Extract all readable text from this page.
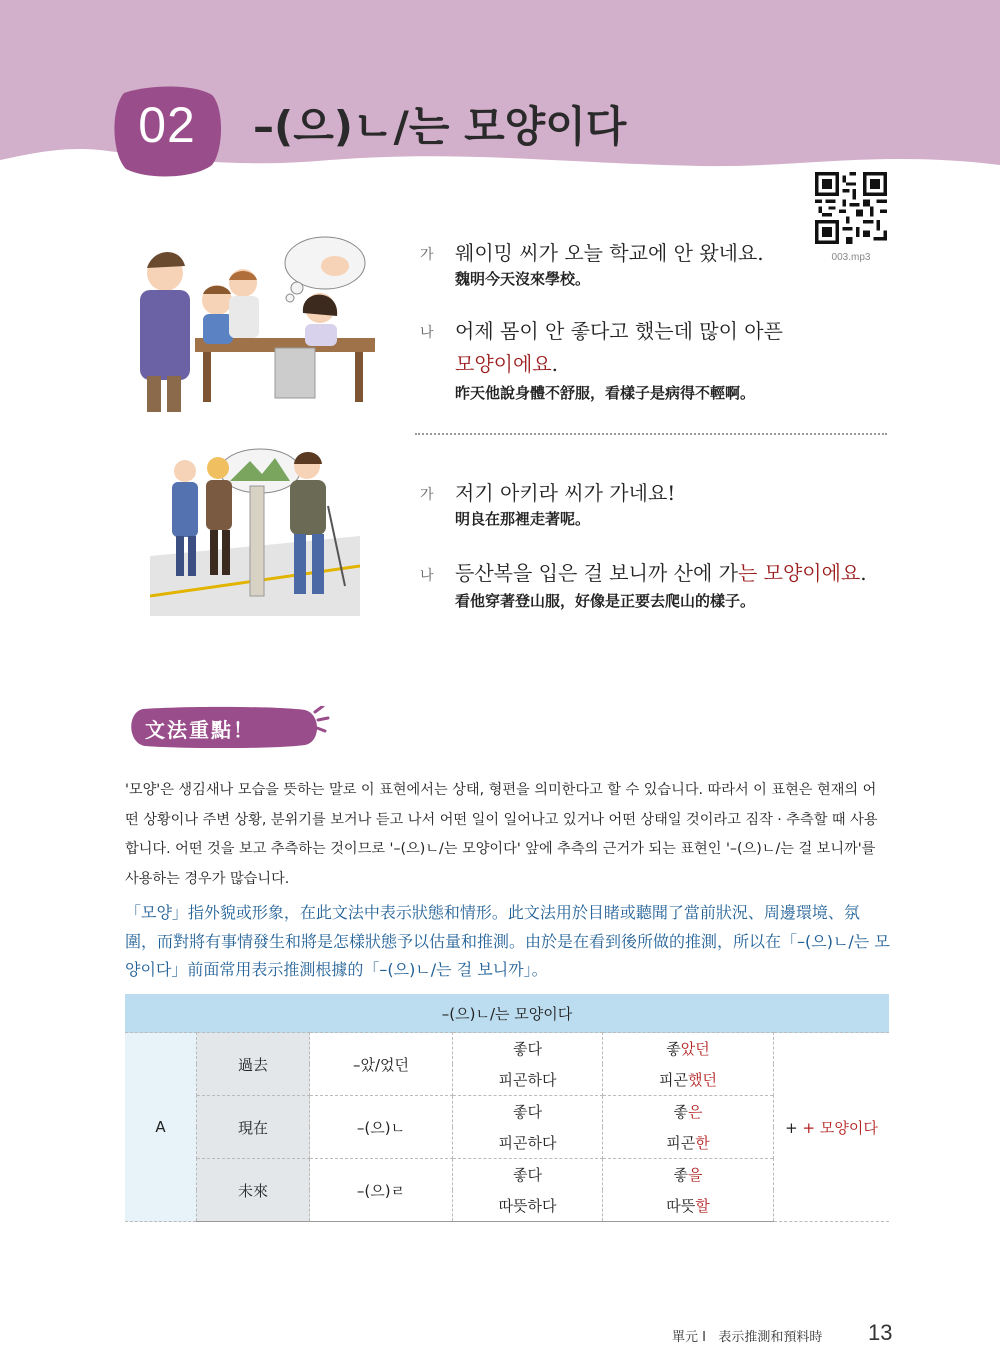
02	–(으)ㄴ/는 모양이다
003.mp3
가 웨이밍 씨가 오늘 학교에 안 왔네요.
魏明今天沒來學校。
나 어제 몸이 안 좋다고 했는데 많이 아픈
모양이에요.
昨天他說身體不舒服，看樣子是病得不輕啊。
가 저기 아키라 씨가 가네요!
明良在那裡走著呢。
나 등산복을 입은 걸 보니까 산에 가는 모양이에요.
看他穿著登山服，好像是正要去爬山的樣子。
文法重點！
'모양'은 생김새나 모습을 뜻하는 말로 이 표현에서는 상태, 형편을 의미한다고 할 수 있습니다. 따라서 이 표현은 현재의 어떤 상황이나 주변 상황, 분위기를 보거나 듣고 나서 어떤 일이 일어나고 있거나 어떤 상태일 것이라고 짐작 · 추측할 때 사용합니다. 어떤 것을 보고 추측하는 것이므로 '–(으)ㄴ/는 모양이다' 앞에 추측의 근거가 되는 표현인 '–(으)ㄴ/는 걸 보니까'를 사용하는 경우가 많습니다.
「모양」指外貌或形象，在此文法中表示狀態和情形。此文法用於目睹或聽聞了當前狀況、周邊環境、氛圍，而對將有事情發生和將是怎樣狀態予以估量和推測。由於是在看到後所做的推測，所以在「–(으)ㄴ/는 모양이다」前面常用表示推測根據的「–(으)ㄴ/는 걸 보니까」。
–(으)ㄴ/는 모양이다					
A	過去	–았/었던	좋다	좋았던	+ + 모양이다
			피곤하다	피곤했던	
	現在	–(으)ㄴ	좋다	좋은	
			피곤하다	피곤한	
	未來	–(으)ㄹ	좋다	좋을	
			따뜻하다	따뜻할	
單元 Ⅰ 表示推測和預料時 13
